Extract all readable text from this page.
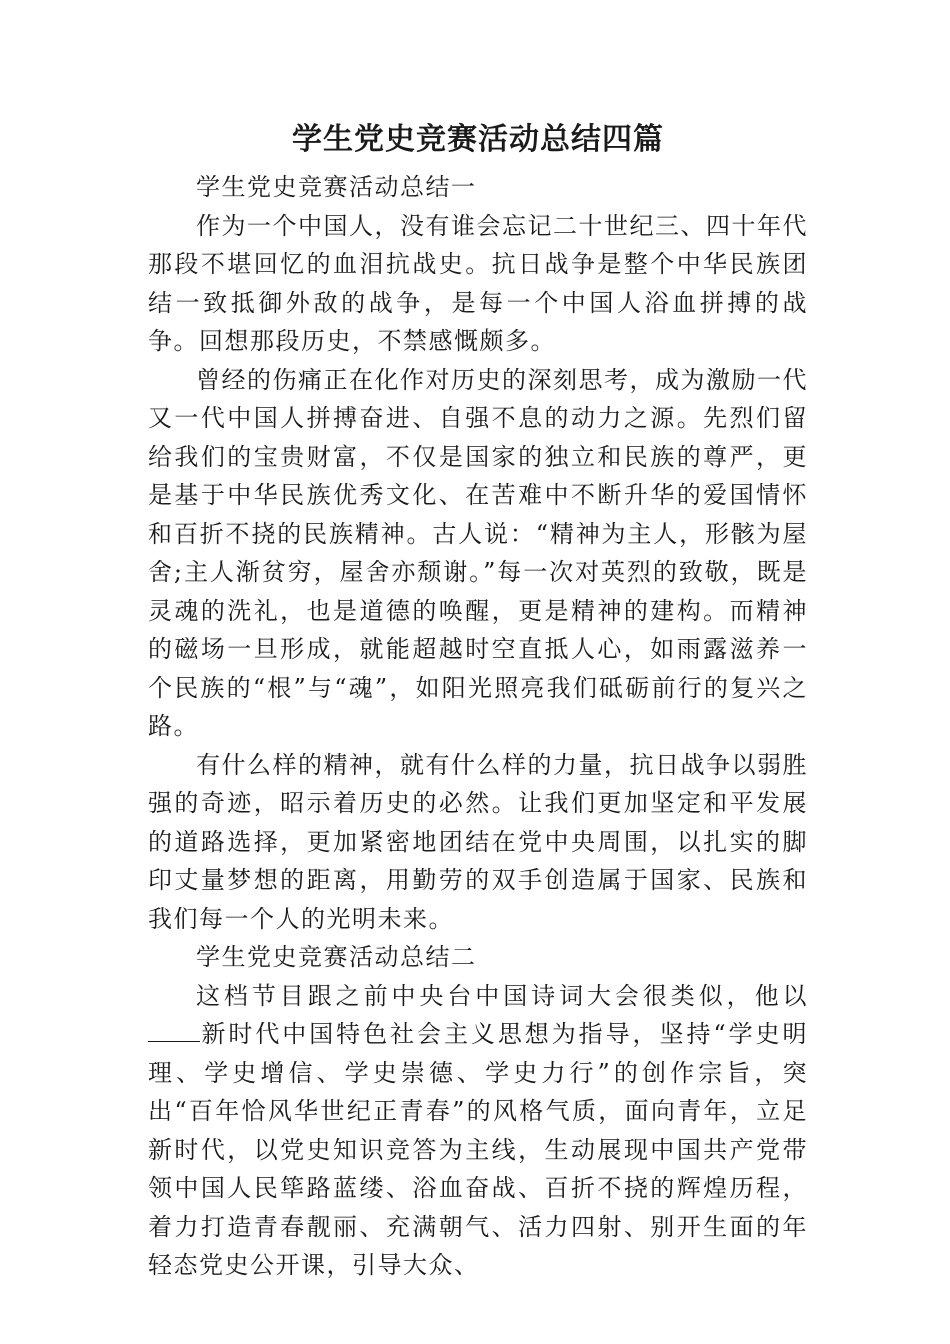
学生党史竞赛活动总结四篇

学生党史竞赛活动总结一

作为一个中国人，没有谁会忘记二十世纪三、四十年代那段不堪回忆的血泪抗战史。抗日战争是整个中华民族团结一致抵御外敌的战争，是每一个中国人浴血拼搏的战争。回想那段历史，不禁感慨颇多。

曾经的伤痛正在化作对历史的深刻思考，成为激励一代又一代中国人拼搏奋进、自强不息的动力之源。先烈们留给我们的宝贵财富，不仅是国家的独立和民族的尊严，更是基于中华民族优秀文化、在苦难中不断升华的爱国情怀和百折不挠的民族精神。古人说：“精神为主人，形骸为屋舍;主人渐贫穷，屋舍亦颓谢。”每一次对英烈的致敬，既是灵魂的洗礼，也是道德的唤醒，更是精神的建构。而精神的磁场一旦形成，就能超越时空直抵人心，如雨露滋养一个民族的“根”与“魂”，如阳光照亮我们砥砺前行的复兴之路。

有什么样的精神，就有什么样的力量，抗日战争以弱胜强的奇迹，昭示着历史的必然。让我们更加坚定和平发展的道路选择，更加紧密地团结在党中央周围，以扎实的脚印丈量梦想的距离，用勤劳的双手创造属于国家、民族和我们每一个人的光明未来。

学生党史竞赛活动总结二

这档节目跟之前中央台中国诗词大会很类似，他以新时代中国特色社会主义思想为指导，坚持“学史明理、学史增信、学史崇德、学史力行”的创作宗旨，突出“百年恰风华世纪正青春”的风格气质，面向青年，立足新时代，以党史知识竞答为主线，生动展现中国共产党带领中国人民筚路蓝缕、浴血奋战、百折不挠的辉煌历程，着力打造青春靓丽、充满朝气、活力四射、别开生面的年轻态党史公开课，引导大众、
